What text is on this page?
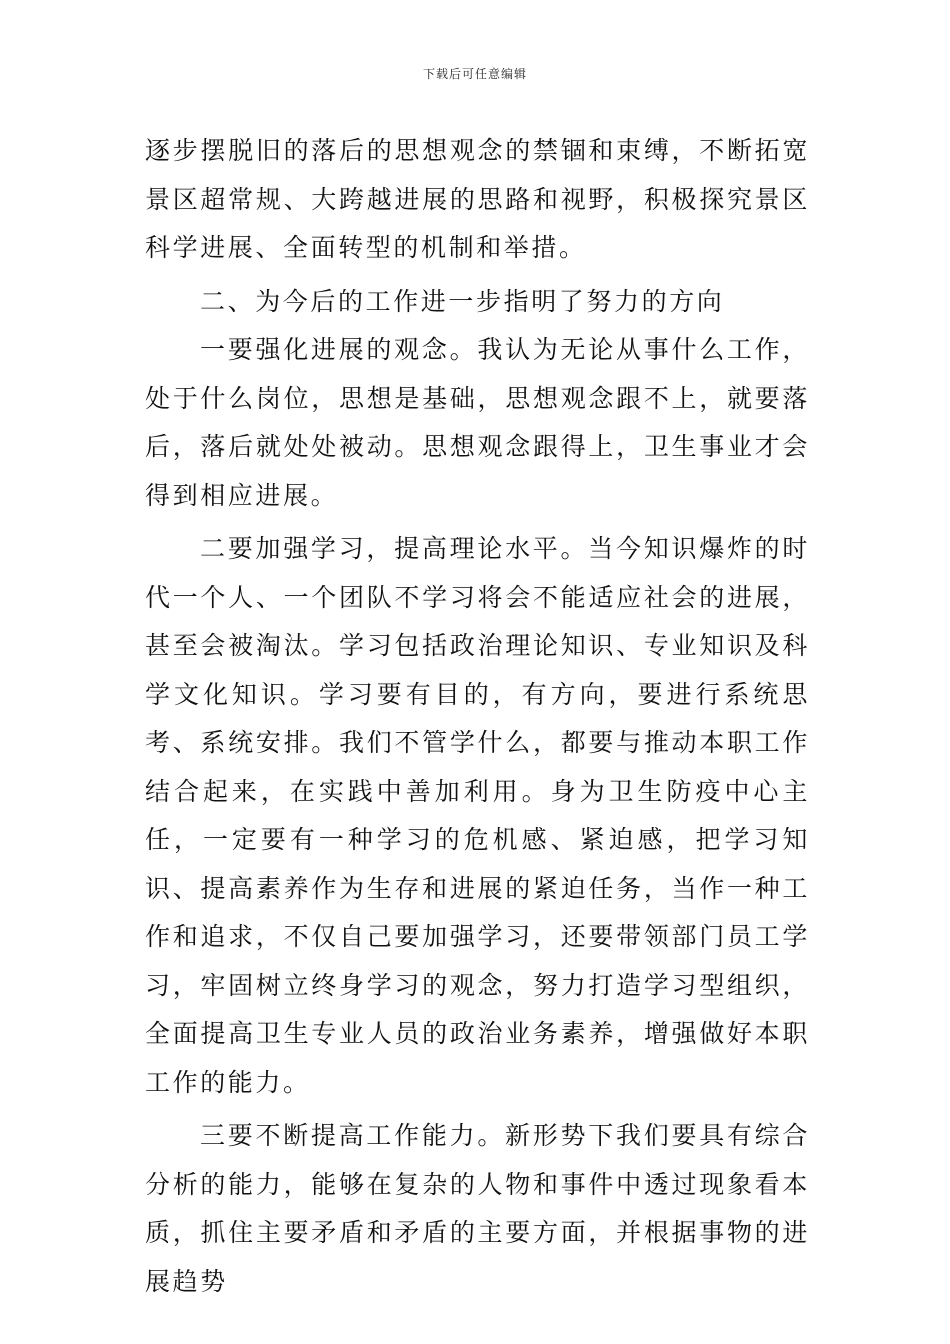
下载后可任意编辑

逐步摆脱旧的落后的思想观念的禁锢和束缚，不断拓宽景区超常规、大跨越进展的思路和视野，积极探究景区科学进展、全面转型的机制和举措。

二、为今后的工作进一步指明了努力的方向

一要强化进展的观念。我认为无论从事什么工作，处于什么岗位，思想是基础，思想观念跟不上，就要落后，落后就处处被动。思想观念跟得上，卫生事业才会得到相应进展。

二要加强学习，提高理论水平。当今知识爆炸的时代一个人、一个团队不学习将会不能适应社会的进展，甚至会被淘汰。学习包括政治理论知识、专业知识及科学文化知识。学习要有目的，有方向，要进行系统思考、系统安排。我们不管学什么，都要与推动本职工作结合起来，在实践中善加利用。身为卫生防疫中心主任，一定要有一种学习的危机感、紧迫感，把学习知识、提高素养作为生存和进展的紧迫任务，当作一种工作和追求，不仅自己要加强学习，还要带领部门员工学习，牢固树立终身学习的观念，努力打造学习型组织，全面提高卫生专业人员的政治业务素养，增强做好本职工作的能力。

三要不断提高工作能力。新形势下我们要具有综合分析的能力，能够在复杂的人物和事件中透过现象看本质，抓住主要矛盾和矛盾的主要方面，并根据事物的进展趋势
